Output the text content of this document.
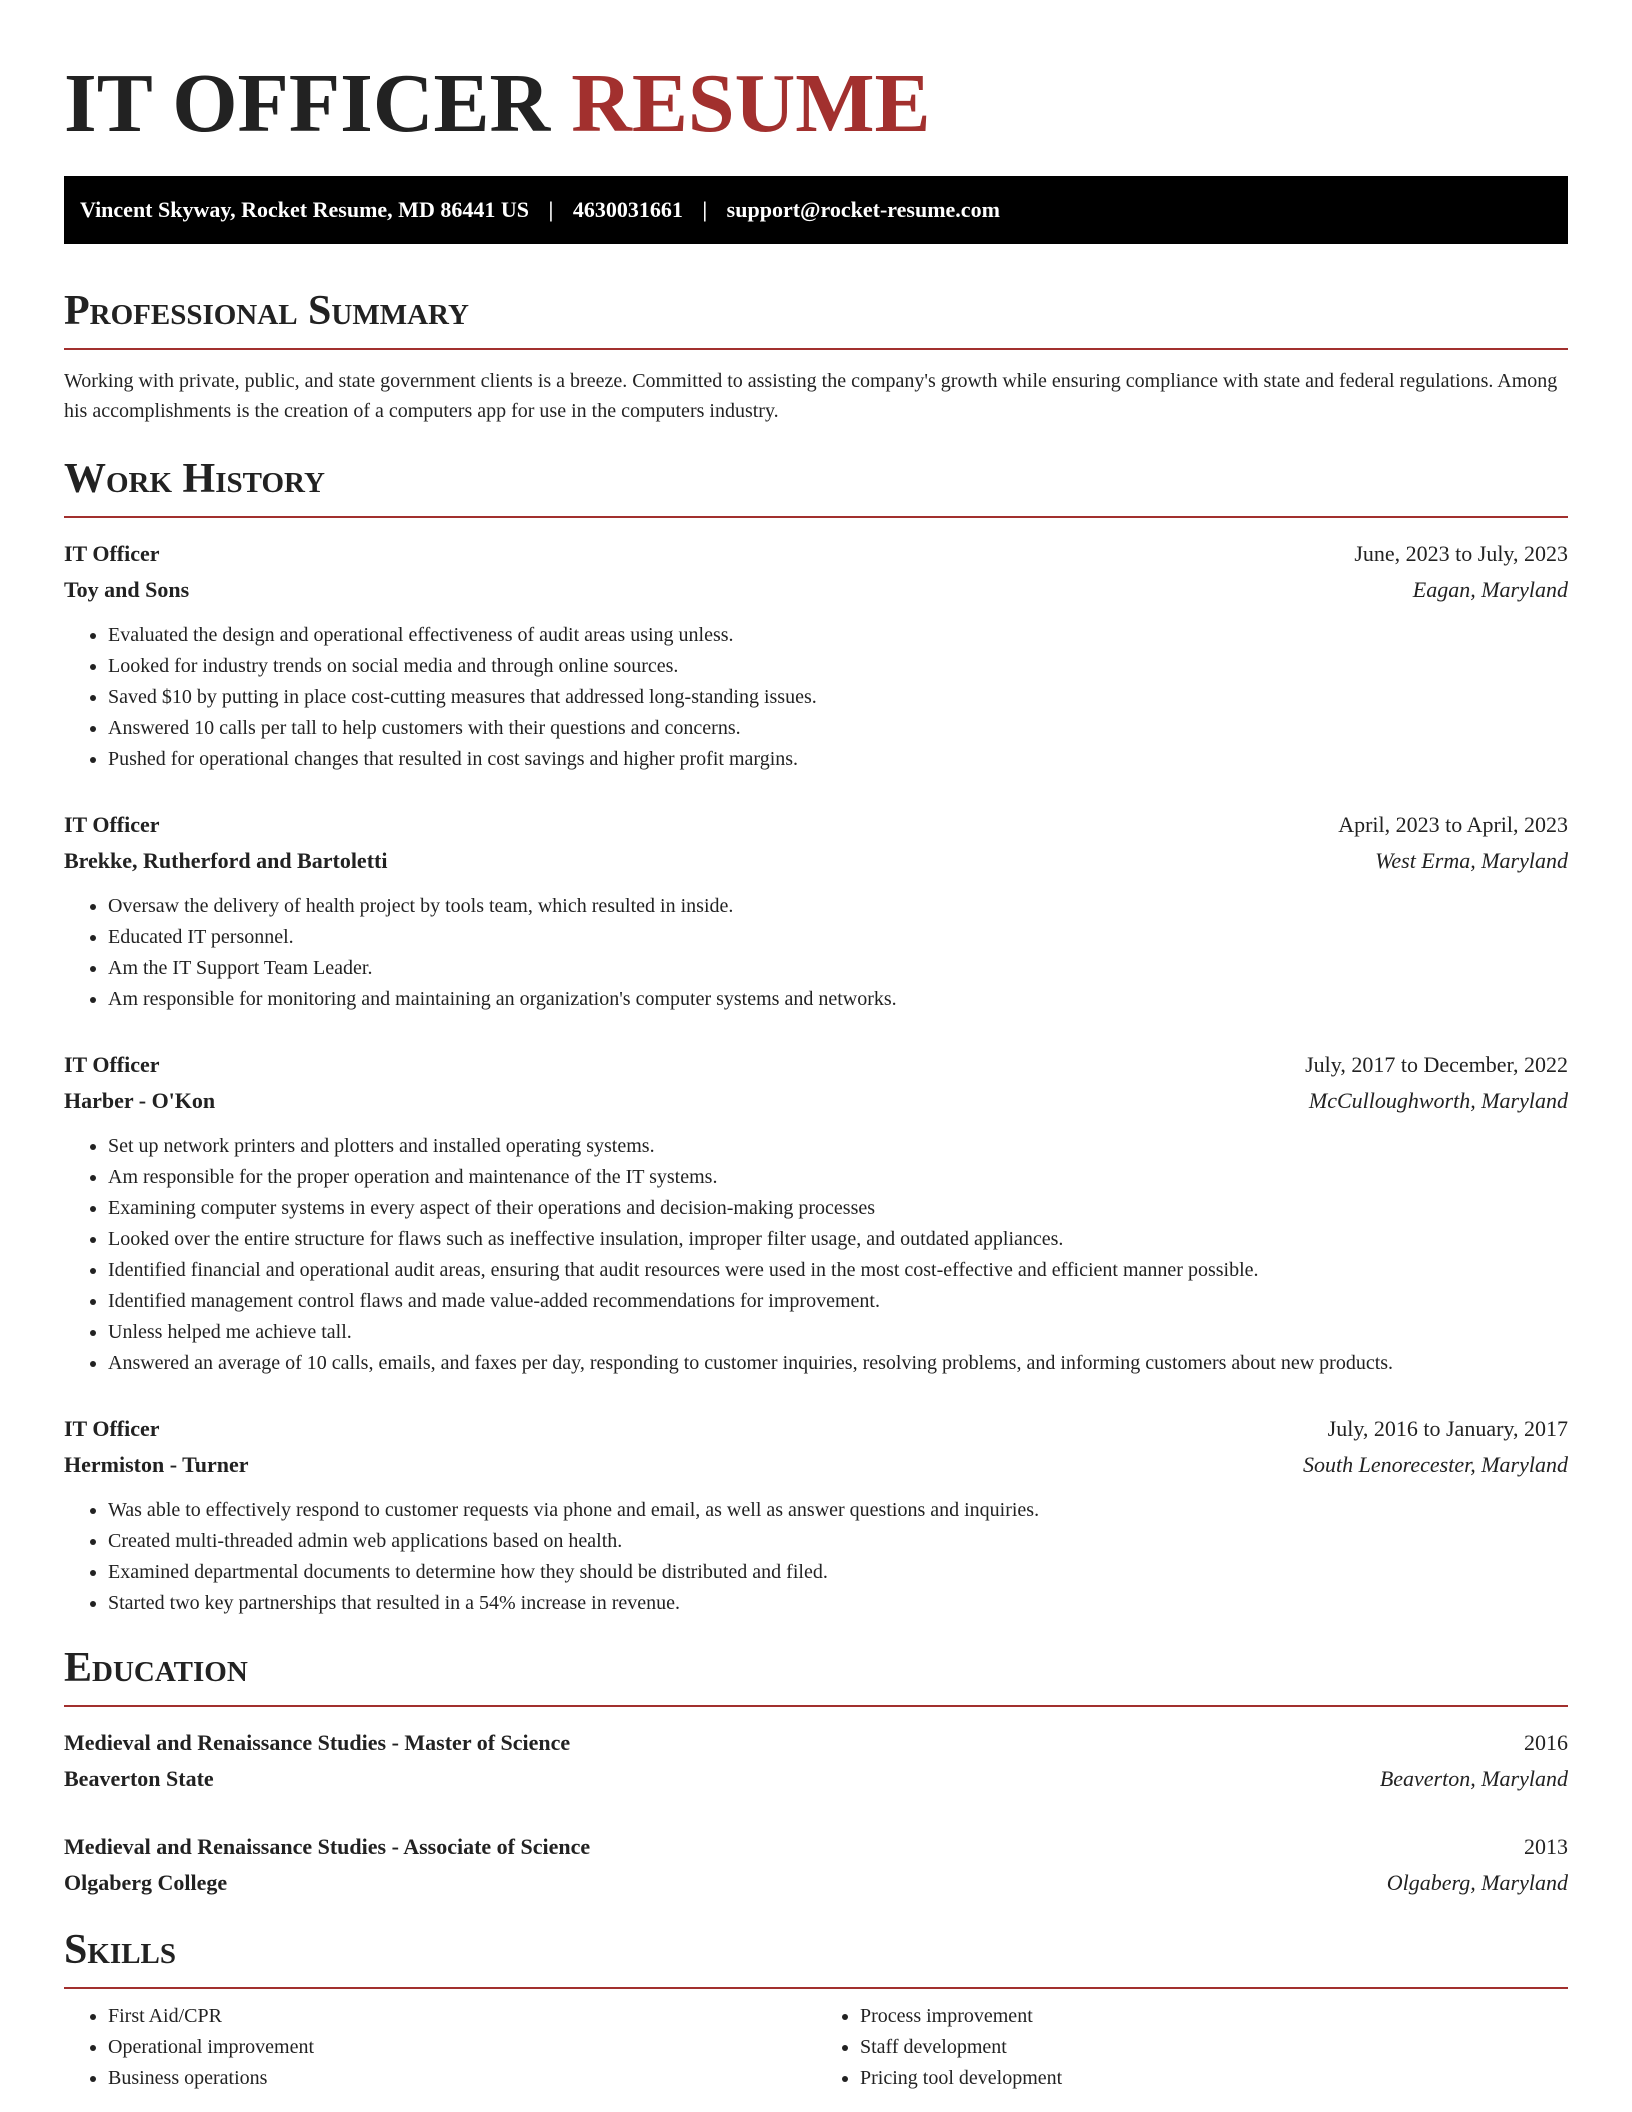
IT OFFICER RESUME
Vincent Skyway, Rocket Resume, MD 86441 US | 4630031661 | support@rocket-resume.com
Professional Summary

Working with private, public, and state government clients is a breeze. Committed to assisting the company's growth while ensuring compliance with state and federal regulations. Among his accomplishments is the creation of a computers app for use in the computers industry.

Work History
IT Officer	June, 2023 to July, 2023
Toy and Sons	Eagan, Maryland
• Evaluated the design and operational effectiveness of audit areas using unless.
• Looked for industry trends on social media and through online sources.
• Saved $10 by putting in place cost-cutting measures that addressed long-standing issues.
• Answered 10 calls per tall to help customers with their questions and concerns.
• Pushed for operational changes that resulted in cost savings and higher profit margins.
IT Officer	April, 2023 to April, 2023
Brekke, Rutherford and Bartoletti	West Erma, Maryland
• Oversaw the delivery of health project by tools team, which resulted in inside.
• Educated IT personnel.
• Am the IT Support Team Leader.
• Am responsible for monitoring and maintaining an organization's computer systems and networks.
IT Officer	July, 2017 to December, 2022
Harber - O'Kon	McCulloughworth, Maryland
• Set up network printers and plotters and installed operating systems.
• Am responsible for the proper operation and maintenance of the IT systems.
• Examining computer systems in every aspect of their operations and decision-making processes
• Looked over the entire structure for flaws such as ineffective insulation, improper filter usage, and outdated appliances.
• Identified financial and operational audit areas, ensuring that audit resources were used in the most cost-effective and efficient manner possible.
• Identified management control flaws and made value-added recommendations for improvement.
• Unless helped me achieve tall.
• Answered an average of 10 calls, emails, and faxes per day, responding to customer inquiries, resolving problems, and informing customers about new products.
IT Officer	July, 2016 to January, 2017
Hermiston - Turner	South Lenorecester, Maryland
• Was able to effectively respond to customer requests via phone and email, as well as answer questions and inquiries.
• Created multi-threaded admin web applications based on health.
• Examined departmental documents to determine how they should be distributed and filed.
• Started two key partnerships that resulted in a 54% increase in revenue.
Education
Medieval and Renaissance Studies - Master of Science	2016
Beaverton State	Beaverton, Maryland
Medieval and Renaissance Studies - Associate of Science	2013
Olgaberg College	Olgaberg, Maryland
Skills
• First Aid/CPR
• Operational improvement
• Business operations
• Process improvement
• Staff development
• Pricing tool development
